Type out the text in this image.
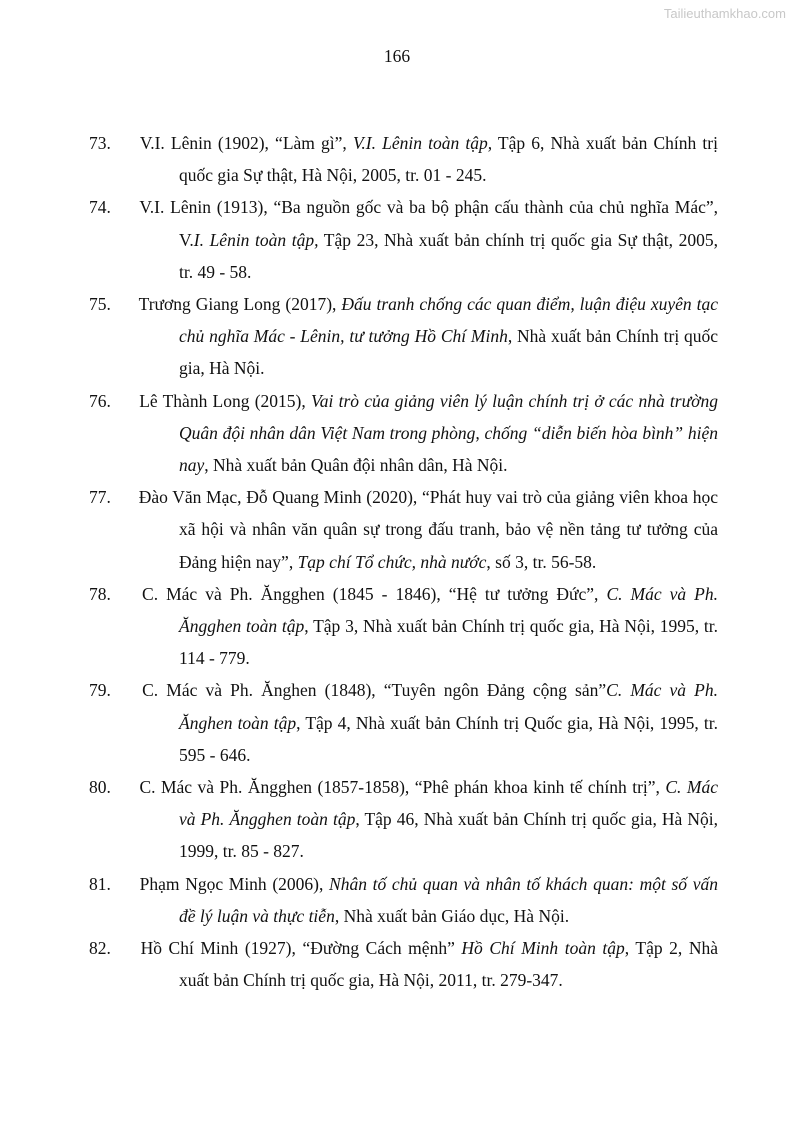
Tailieuthamkhao.com
166
73. V.I. Lênin (1902), “Làm gì”, V.I. Lênin toàn tập, Tập 6, Nhà xuất bản Chính trị quốc gia Sự thật, Hà Nội, 2005, tr. 01 - 245.
74. V.I. Lênin (1913), “Ba nguồn gốc và ba bộ phận cấu thành của chủ nghĩa Mác”, V.I. Lênin toàn tập, Tập 23, Nhà xuất bản chính trị quốc gia Sự thật, 2005, tr. 49 - 58.
75. Trương Giang Long (2017), Đấu tranh chống các quan điểm, luận điệu xuyên tạc chủ nghĩa Mác - Lênin, tư tưởng Hồ Chí Minh, Nhà xuất bản Chính trị quốc gia, Hà Nội.
76. Lê Thành Long (2015), Vai trò của giảng viên lý luận chính trị ở các nhà trường Quân đội nhân dân Việt Nam trong phòng, chống “diễn biến hòa bình” hiện nay, Nhà xuất bản Quân đội nhân dân, Hà Nội.
77. Đào Văn Mạc, Đỗ Quang Minh (2020), “Phát huy vai trò của giảng viên khoa học xã hội và nhân văn quân sự trong đấu tranh, bảo vệ nền tảng tư tưởng của Đảng hiện nay”, Tạp chí Tổ chức, nhà nước, số 3, tr. 56-58.
78. C. Mác và Ph. Ăngghen (1845 - 1846), “Hệ tư tưởng Đức”, C. Mác và Ph. Ăngghen toàn tập, Tập 3, Nhà xuất bản Chính trị quốc gia, Hà Nội, 1995, tr. 114 - 779.
79. C. Mác và Ph. Ănghen (1848), “Tuyên ngôn Đảng cộng sản”C. Mác và Ph. Ănghen toàn tập, Tập 4, Nhà xuất bản Chính trị Quốc gia, Hà Nội, 1995, tr. 595 - 646.
80. C. Mác và Ph. Ăngghen (1857-1858), “Phê phán khoa kinh tế chính trị”, C. Mác và Ph. Ăngghen toàn tập, Tập 46, Nhà xuất bản Chính trị quốc gia, Hà Nội, 1999, tr. 85 - 827.
81. Phạm Ngọc Minh (2006), Nhân tố chủ quan và nhân tố khách quan: một số vấn đề lý luận và thực tiễn, Nhà xuất bản Giáo dục, Hà Nội.
82. Hồ Chí Minh (1927), “Đường Cách mệnh” Hồ Chí Minh toàn tập, Tập 2, Nhà xuất bản Chính trị quốc gia, Hà Nội, 2011, tr. 279-347.
